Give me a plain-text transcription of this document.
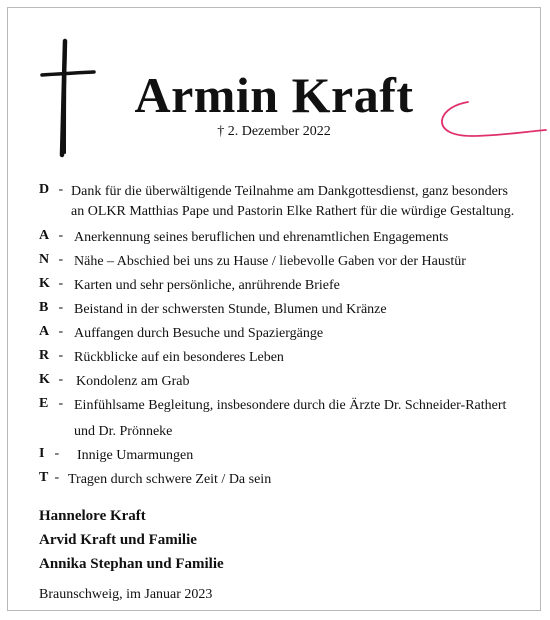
Armin Kraft
† 2. Dezember 2022
D - Dank für die überwältigende Teilnahme am Dankgottesdienst, ganz besonders
an OLKR Matthias Pape und Pastorin Elke Rathert für die würdige Gestaltung.
A - Anerkennung seines beruflichen und ehrenamtlichen Engagements
N - Nähe – Abschied bei uns zu Hause / liebevolle Gaben vor der Haustür
K - Karten und sehr persönliche, anrührende Briefe
B - Beistand in der schwersten Stunde, Blumen und Kränze
A - Auffangen durch Besuche und Spaziergänge
R - Rückblicke auf ein besonderes Leben
K - Kondolenz am Grab
E - Einfühlsame Begleitung, insbesondere durch die Ärzte Dr. Schneider-Rathert
und Dr. Prönneke
I -	Innige Umarmungen
T - Tragen durch schwere Zeit / Da sein
Hannelore Kraft
Arvid Kraft und Familie
Annika Stephan und Familie
Braunschweig, im Januar 2023
